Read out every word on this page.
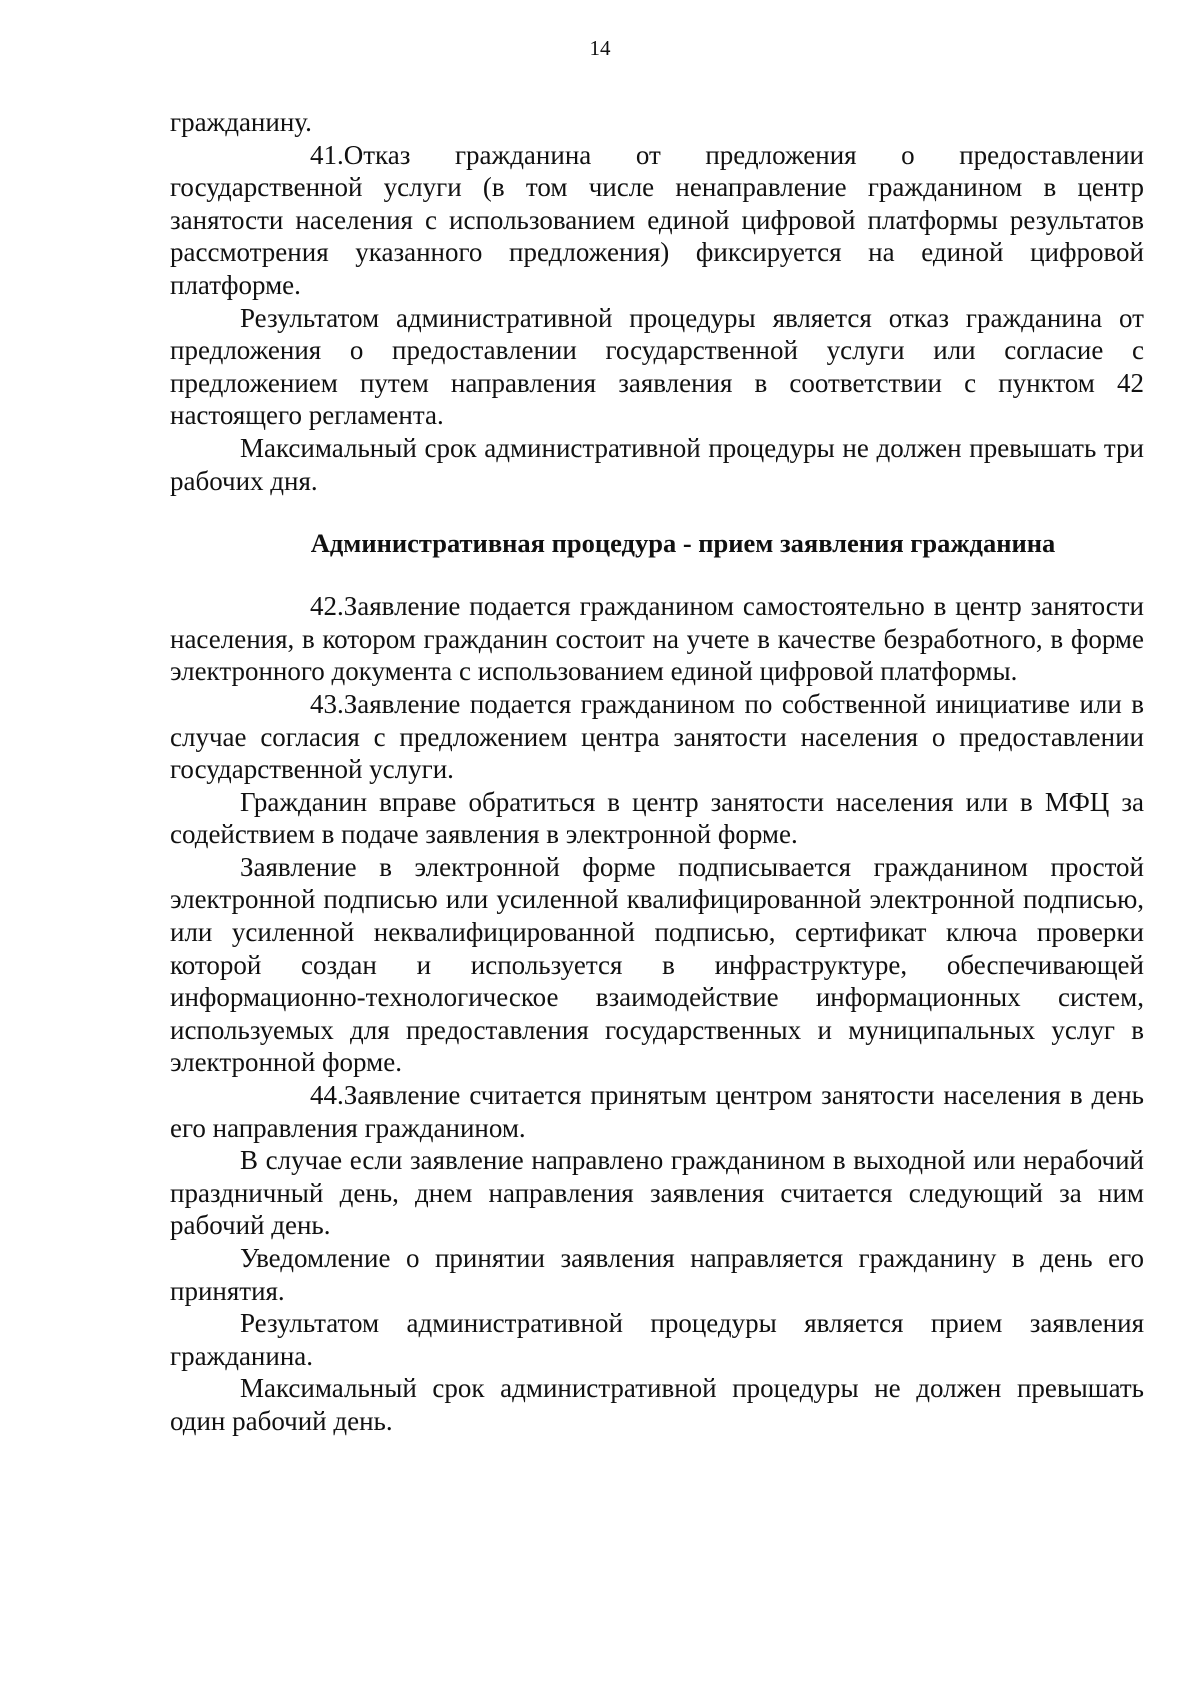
14

гражданину.

41.Отказ гражданина от предложения о предоставлении государственной услуги (в том числе ненаправление гражданином в центр занятости населения с использованием единой цифровой платформы результатов рассмотрения указанного предложения) фиксируется на единой цифровой платформе.

Результатом административной процедуры является отказ гражданина от предложения о предоставлении государственной услуги или согласие с предложением путем направления заявления в соответствии с пунктом 42 настоящего регламента.

Максимальный срок административной процедуры не должен превышать три рабочих дня.

Административная процедура - прием заявления гражданина

42.Заявление подается гражданином самостоятельно в центр занятости населения, в котором гражданин состоит на учете в качестве безработного, в форме электронного документа с использованием единой цифровой платформы.

43.Заявление подается гражданином по собственной инициативе или в случае согласия с предложением центра занятости населения о предоставлении государственной услуги.

Гражданин вправе обратиться в центр занятости населения или в МФЦ за содействием в подаче заявления в электронной форме.

Заявление в электронной форме подписывается гражданином простой электронной подписью или усиленной квалифицированной электронной подписью, или усиленной неквалифицированной подписью, сертификат ключа проверки которой создан и используется в инфраструктуре, обеспечивающей информационно-технологическое взаимодействие информационных систем, используемых для предоставления государственных и муниципальных услуг в электронной форме.

44.Заявление считается принятым центром занятости населения в день его направления гражданином.

В случае если заявление направлено гражданином в выходной или нерабочий праздничный день, днем направления заявления считается следующий за ним рабочий день.

Уведомление о принятии заявления направляется гражданину в день его принятия.

Результатом административной процедуры является прием заявления гражданина.

Максимальный срок административной процедуры не должен превышать один рабочий день.
